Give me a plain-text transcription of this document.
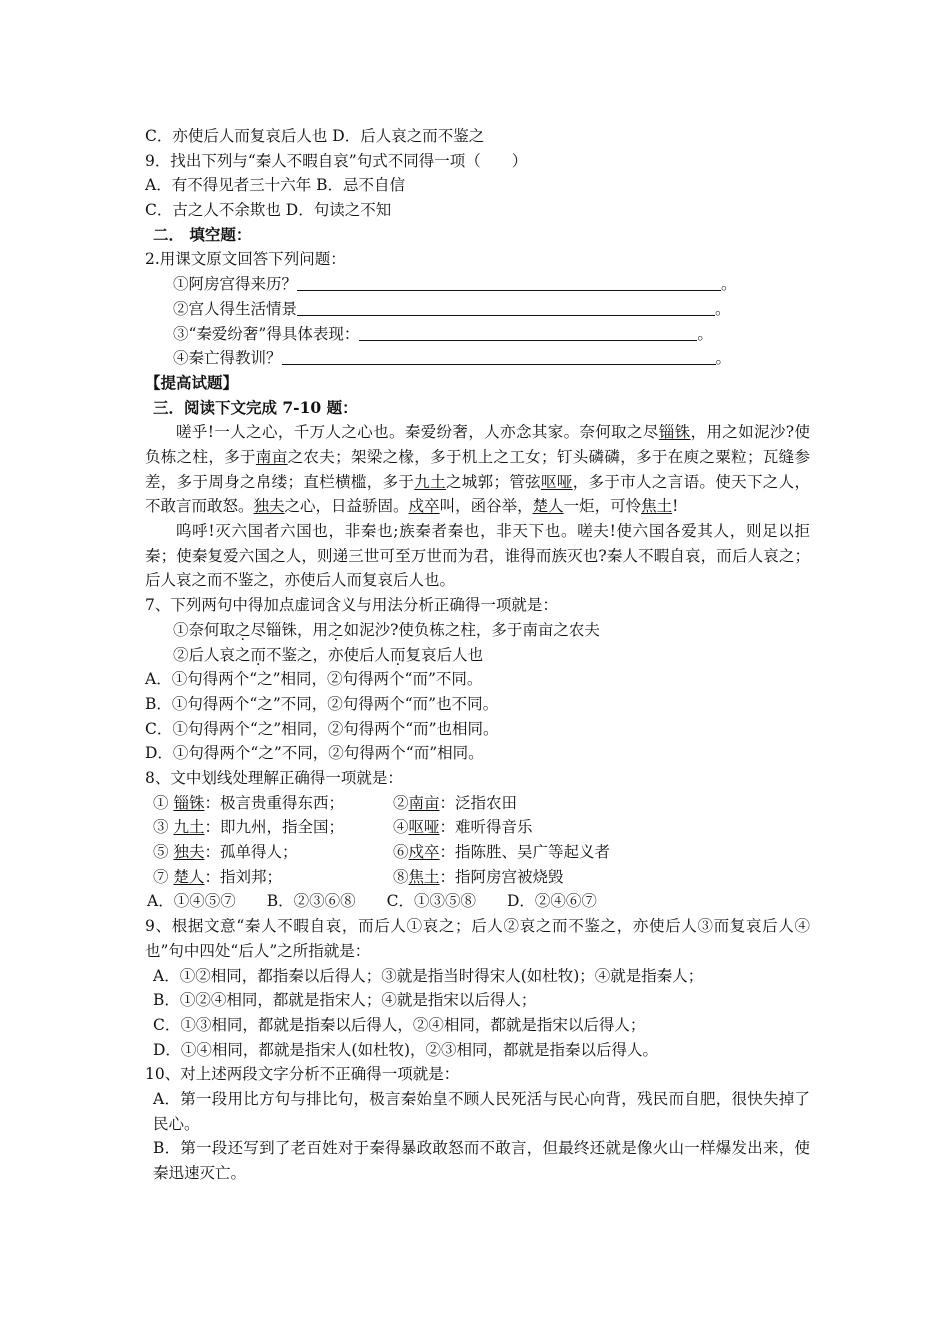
C．亦使后人而复哀后人也 D．后人哀之而不鉴之
9．找出下列与“秦人不暇自哀”句式不同得一项（　　）
A．有不得见者三十六年 B．忌不自信
C．古之人不余欺也 D．句读之不知
二． 填空题：
2.用课文原文回答下列问题：
①阿房宫得来历？	。
②宫人得生活情景	。
③“秦爱纷奢”得具体表现：	。
④秦亡得教训？	。
【提高试题】
三．阅读下文完成 7-10 题：

嗟乎!一人之心，千万人之心也。秦爱纷奢，人亦念其家。奈何取之尽锱铢，用之如泥沙?使负栋之柱，多于南亩之农夫；架梁之椽，多于机上之工女；钉头磷磷，多于在庾之粟粒；瓦缝参差，多于周身之帛缕；直栏横槛，多于九土之城郭；管弦呕哑，多于市人之言语。使天下之人，不敢言而敢怒。独夫之心，日益骄固。戍卒叫，函谷举，楚人一炬，可怜焦土!

呜呼!灭六国者六国也，非秦也;族秦者秦也，非天下也。嗟夫!使六国各爱其人，则足以拒秦；使秦复爱六国之人，则递三世可至万世而为君，谁得而族灭也?秦人不暇自哀，而后人哀之；后人哀之而不鉴之，亦使后人而复哀后人也。

7、下列两句中得加点虚词含义与用法分析正确得一项就是：
①奈何取之尽锱铢，用之如泥沙?使负栋之柱，多于南亩之农夫
②后人哀之而不鉴之，亦使后人而复哀后人也
A．①句得两个“之”相同，②句得两个“而”不同。
B．①句得两个“之”不同，②句得两个“而”也不同。
C．①句得两个“之”相同，②句得两个“而”也相同。
D．①句得两个“之”不同，②句得两个“而”相同。
8、文中划线处理解正确得一项就是：
① 锱铢：极言贵重得东西；	②南亩：泛指农田
③ 九土：即九州，指全国；	④呕哑：难听得音乐
⑤ 独夫：孤单得人；	⑥戍卒：指陈胜、吴广等起义者
⑦ 楚人：指刘邦；	⑧焦土：指阿房宫被烧毁
A．①④⑤⑦　　B．②③⑥⑧　　C．①③⑤⑧　　D．②④⑥⑦
9、根据文意“秦人不暇自哀，而后人①哀之；后人②哀之而不鉴之，亦使后人③而复哀后人④也”句中四处“后人”之所指就是：
A．①②相同，都指秦以后得人；③就是指当时得宋人(如杜牧)；④就是指秦人；
B．①②④相同，都就是指宋人；④就是指宋以后得人；
C．①③相同，都就是指秦以后得人，②④相同，都就是指宋以后得人；
D．①④相同，都就是指宋人(如杜牧)，②③相同，都就是指秦以后得人。
10、对上述两段文字分析不正确得一项就是：
A．第一段用比方句与排比句，极言秦始皇不顾人民死活与民心向背，残民而自肥，很快失掉了民心。
B．第一段还写到了老百姓对于秦得暴政敢怒而不敢言，但最终还就是像火山一样爆发出来，使秦迅速灭亡。
